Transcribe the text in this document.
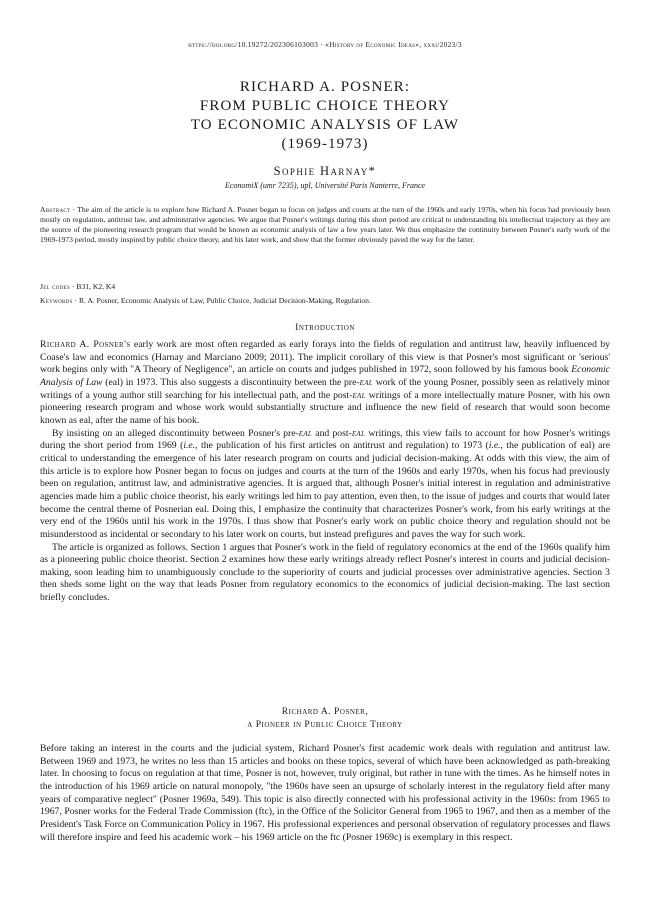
https://doi.org/10.19272/202306103003 · «History of Economic Ideas», xxxi/2023/3
RICHARD A. POSNER:
FROM PUBLIC CHOICE THEORY
TO ECONOMIC ANALYSIS OF LAW
(1969-1973)
Sophie Harnay*
EconomiX (umr 7235), upl, Université Paris Nanterre, France
Abstract · The aim of the article is to explore how Richard A. Posner began to focus on judges and courts at the turn of the 1960s and early 1970s, when his focus had previously been mostly on regulation, antitrust law, and administrative agencies. We argue that Posner's writings during this short period are critical to understanding his intellectual trajectory as they are the source of the pioneering research program that would be known as economic analysis of law a few years later. We thus emphasize the continuity between Posner's early work of the 1969-1973 period, mostly inspired by public choice theory, and his later work, and show that the former obviously paved the way for the latter.
Jel codes · B31, K2, K4
Keywords · R. A. Posner, Economic Analysis of Law, Public Choice, Judicial Decision-Making, Regulation.
Introduction

Richard A. Posner's early work are most often regarded as early forays into the fields of regulation and antitrust law, heavily influenced by Coase's law and economics (Harnay and Marciano 2009; 2011). The implicit corollary of this view is that Posner's most significant or 'serious' work begins only with "A Theory of Negligence", an article on courts and judges published in 1972, soon followed by his famous book Economic Analysis of Law (eal) in 1973. This also suggests a discontinuity between the pre-eal work of the young Posner, possibly seen as relatively minor writings of a young author still searching for his intellectual path, and the post-eal writings of a more intellectually mature Posner, with his own pioneering research program and whose work would substantially structure and influence the new field of research that would soon become known as eal, after the name of his book.

By insisting on an alleged discontinuity between Posner's pre-eal and post-eal writings, this view fails to account for how Posner's writings during the short period from 1969 (i.e., the publication of his first articles on antitrust and regulation) to 1973 (i.e., the publication of eal) are critical to understanding the emergence of his later research program on courts and judicial decision-making. At odds with this view, the aim of this article is to explore how Posner began to focus on judges and courts at the turn of the 1960s and early 1970s, when his focus had previously been on regulation, antitrust law, and administrative agencies. It is argued that, although Posner's initial interest in regulation and administrative agencies made him a public choice theorist, his early writings led him to pay attention, even then, to the issue of judges and courts that would later become the central theme of Posnerian eal. Doing this, I emphasize the continuity that characterizes Posner's work, from his early writings at the very end of the 1960s until his work in the 1970s. I thus show that Posner's early work on public choice theory and regulation should not be misunderstood as incidental or secondary to his later work on courts, but instead prefigures and paves the way for such work.

The article is organized as follows. Section 1 argues that Posner's work in the field of regulatory economics at the end of the 1960s qualify him as a pioneering public choice theorist. Section 2 examines how these early writings already reflect Posner's interest in courts and judicial decision-making, soon leading him to unambiguously conclude to the superiority of courts and judicial processes over administrative agencies. Section 3 then sheds some light on the way that leads Posner from regulatory economics to the economics of judicial decision-making. The last section briefly concludes.

Richard A. Posner,
a Pioneer in Public Choice Theory

Before taking an interest in the courts and the judicial system, Richard Posner's first academic work deals with regulation and antitrust law. Between 1969 and 1973, he writes no less than 15 articles and books on these topics, several of which have been acknowledged as path-breaking later. In choosing to focus on regulation at that time, Posner is not, however, truly original, but rather in tune with the times. As he himself notes in the introduction of his 1969 article on natural monopoly, "the 1960s have seen an upsurge of scholarly interest in the regulatory field after many years of comparative neglect" (Posner 1969a, 549). This topic is also directly connected with his professional activity in the 1960s: from 1965 to 1967, Posner works for the Federal Trade Commission (ftc), in the Office of the Solicitor General from 1965 to 1967, and then as a member of the President's Task Force on Communication Policy in 1967. His professional experiences and personal observation of regulatory processes and flaws will therefore inspire and feed his academic work – his 1969 article on the ftc (Posner 1969c) is exemplary in this respect.
